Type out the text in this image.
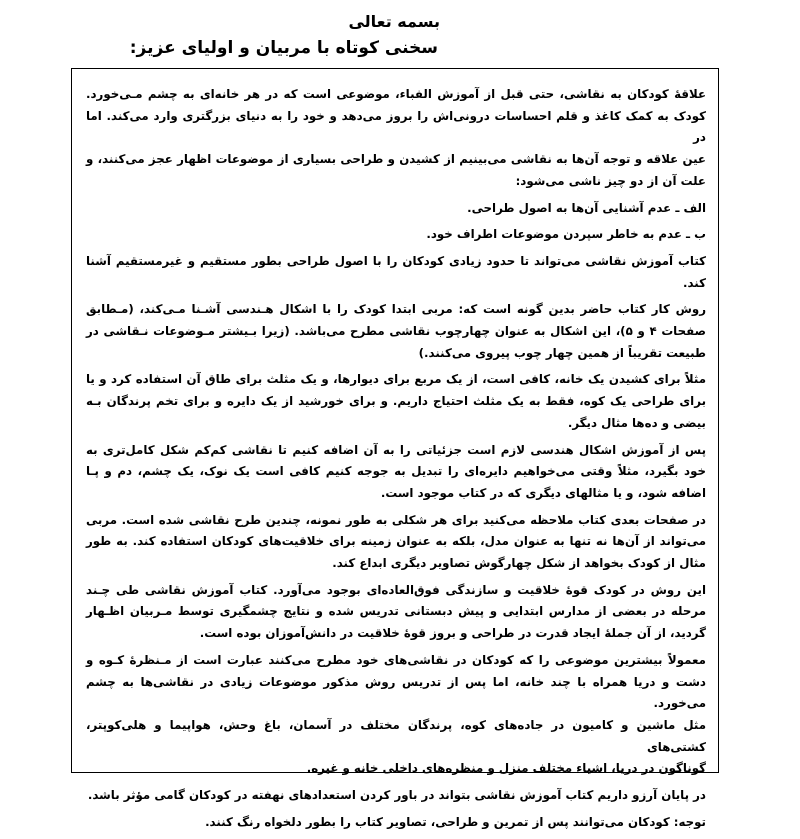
بسمه تعالی
سخنی کوتاه با مربیان و اولیای عزیز:

علاقهٔ کودکان به نقاشی، حتی قبل از آموزش الفباء، موضوعی است که در هر خانه‌ای به چشم مـی‌خورد.
کودک به کمک کاغذ و قلم احساسات درونی‌اش را بروز می‌دهد و خود را به دنیای بزرگتری وارد می‌کند. اما در
عین علاقه و توجه آن‌ها به نقاشی می‌بینیم از کشیدن و طراحی بسیاری از موضوعات اظهار عجز می‌کنند، و
علت آن از دو چیز ناشی می‌شود:

الف ـ عدم آشنایی آن‌ها به اصول طراحی.

ب ـ عدم به خاطر سپردن موضوعات اطراف خود.

کتاب آموزش نقاشی می‌تواند تا حدود زیادی کودکان را با اصول طراحی بطور مستقیم و غیرمستقیم آشنا
کند.

روش کار کتاب حاضر بدین گونه است که: مربی ابتدا کودک را با اشکال هـندسی آشـنا مـی‌کند، (مـطابق
صفحات ۴ و ۵)، این اشکال به عنوان چهارچوب نقاشی مطرح می‌باشد. (زیرا بـیشتر مـوضوعات نـقاشی در
طبیعت تقریباً از همین چهار چوب پیروی می‌کنند.)

مثلاً برای کشیدن یک خانه، کافی است، از یک مربع برای دیوارها، و یک مثلث برای طاق آن استفاده کرد و یا
برای طراحی یک کوه، فقط به یک مثلث احتیاج داریم. و برای خورشید از یک دایره و برای تخم پرندگان بـه
بیضی و ده‌ها مثال دیگر.

پس از آموزش اشکال هندسی لازم است جزئیاتی را به آن اضافه کنیم تا نقاشی کم‌کم شکل کامل‌تری به
خود بگیرد، مثلاً وقتی می‌خواهیم دایره‌ای را تبدیل به جوجه کنیم کافی است یک نوک، یک چشم، دم و پـا
اضافه شود، و یا مثالهای دیگری که در کتاب موجود است.

در صفحات بعدی کتاب ملاحظه می‌کنید برای هر شکلی به طور نمونه، چندین طرح نقاشی شده است. مربی
می‌تواند از آن‌ها نه تنها به عنوان مدل، بلکه به عنوان زمینه برای خلاقیت‌های کودکان استفاده کند. به طور
مثال از کودک بخواهد از شکل چهارگوش تصاویر دیگری ابداع کند.

این روش در کودک قوهٔ خلاقیت و سازندگی فوق‌العاده‌ای بوجود می‌آورد. کتاب آموزش نقاشی طی چـند
مرحله در بعضی از مدارس ابتدایی و پیش دبستانی تدریس شده و نتایج چشمگیری توسط مـربیان اظـهار
گردید، از آن جملهٔ ایجاد قدرت در طراحی و بروز قوهٔ خلاقیت در دانش‌آموزان بوده است.

معمولاً بیشترین موضوعی را که کودکان در نقاشی‌های خود مطرح می‌کنند عبارت است از مـنظرهٔ کـوه و
دشت و دریا همراه با چند خانه، اما پس از تدریس روش مذکور موضوعات زیادی در نقاشی‌ها به چشم می‌خورد.
مثل ماشین و کامیون در جاده‌های کوه، پرندگان مختلف در آسمان، باغ وحش، هواپیما و هلی‌کوپتر، کشتی‌های
گوناگون در دریا، اشیاء مختلف منزل و منظره‌های داخلی خانه و غیره.

در پایان آرزو داریم کتاب آموزش نقاشی بتواند در باور کردن استعدادهای نهفته در کودکان گامی مؤثر باشد.

توجه: کودکان می‌توانند پس از تمرین و طراحی، تصاویر کتاب را بطور دلخواه رنگ کنند.
